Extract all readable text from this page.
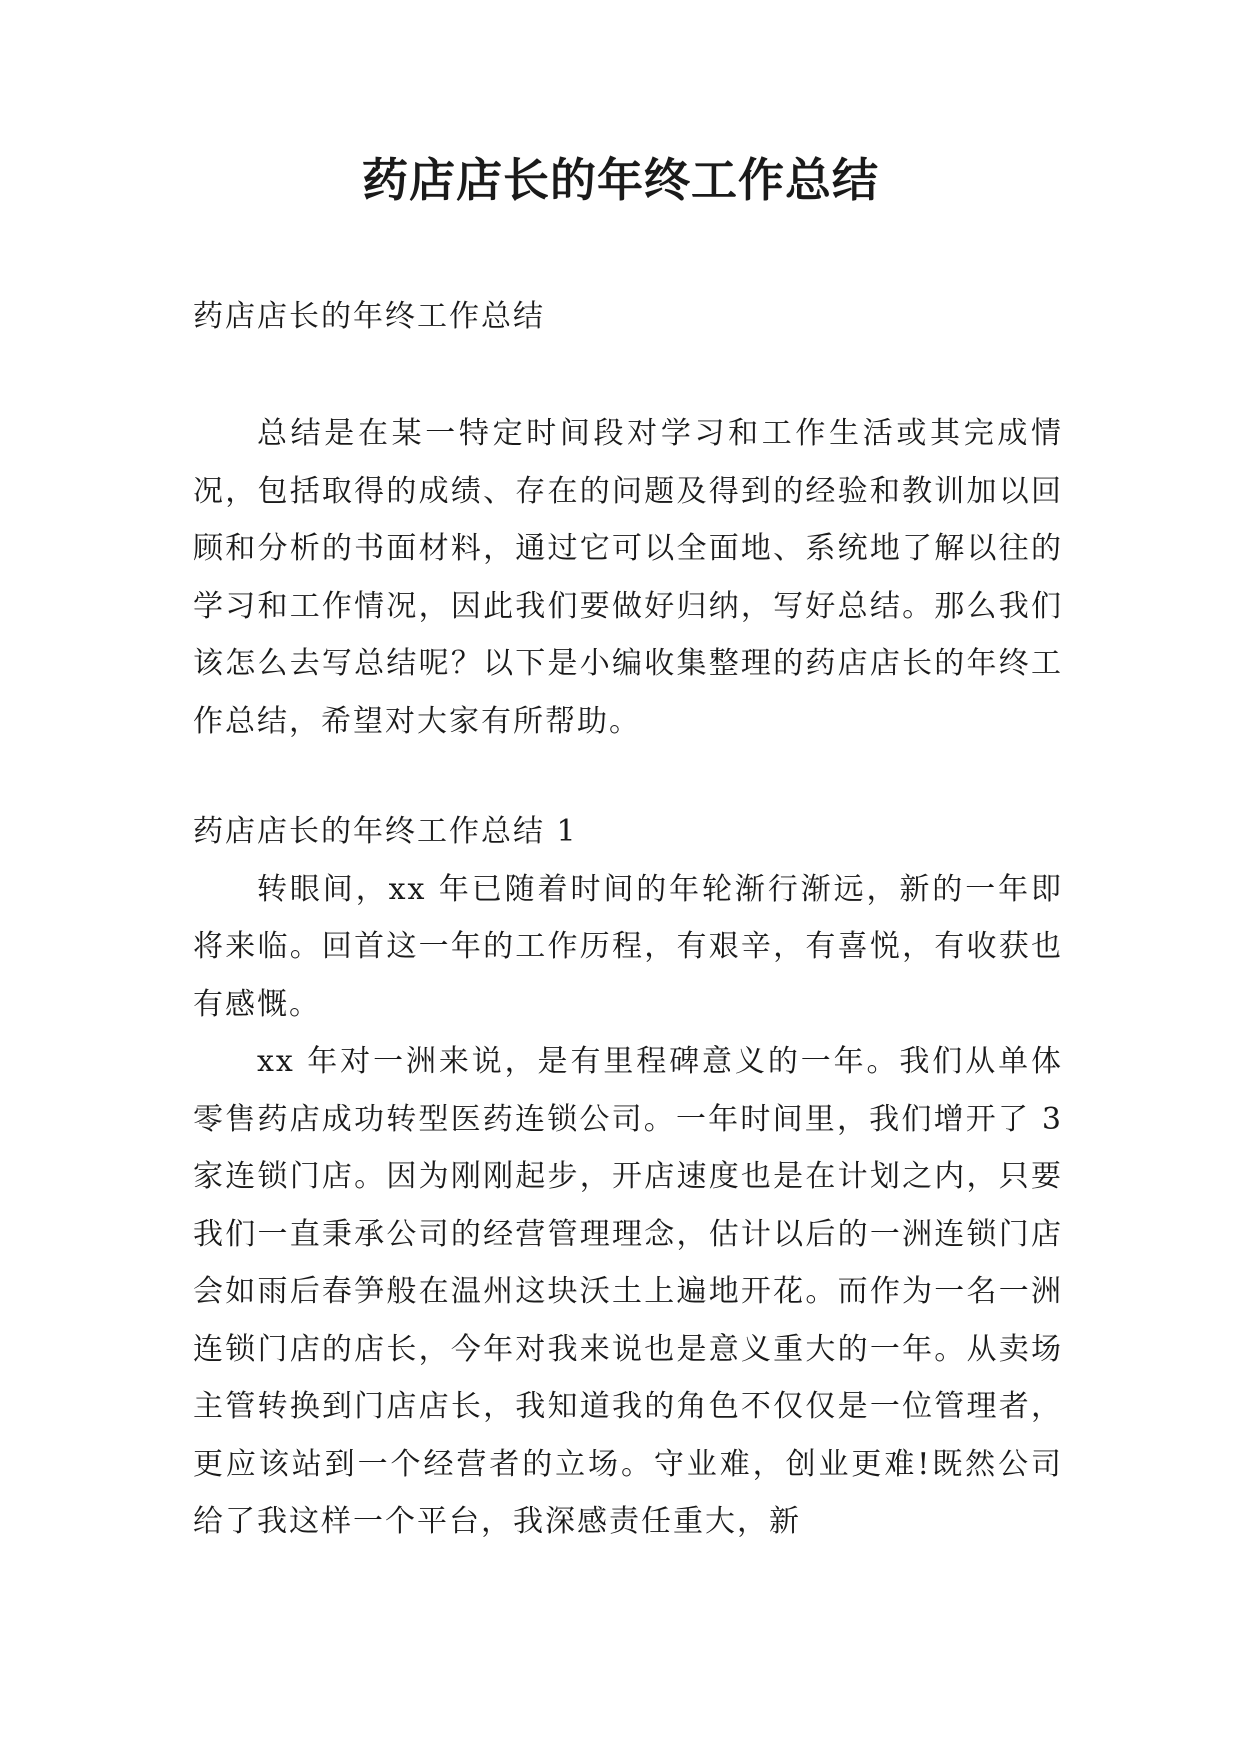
药店店长的年终工作总结

药店店长的年终工作总结

总结是在某一特定时间段对学习和工作生活或其完成情况，包括取得的成绩、存在的问题及得到的经验和教训加以回顾和分析的书面材料，通过它可以全面地、系统地了解以往的学习和工作情况，因此我们要做好归纳，写好总结。那么我们该怎么去写总结呢？以下是小编收集整理的药店店长的年终工作总结，希望对大家有所帮助。

药店店长的年终工作总结 1

转眼间，xx 年已随着时间的年轮渐行渐远，新的一年即将来临。回首这一年的工作历程，有艰辛，有喜悦，有收获也有感慨。

xx 年对一洲来说，是有里程碑意义的一年。我们从单体零售药店成功转型医药连锁公司。一年时间里，我们增开了 3 家连锁门店。因为刚刚起步，开店速度也是在计划之内，只要我们一直秉承公司的经营管理理念，估计以后的一洲连锁门店会如雨后春笋般在温州这块沃土上遍地开花。而作为一名一洲连锁门店的店长，今年对我来说也是意义重大的一年。从卖场主管转换到门店店长，我知道我的角色不仅仅是一位管理者，更应该站到一个经营者的立场。守业难，创业更难!既然公司给了我这样一个平台，我深感责任重大，新
